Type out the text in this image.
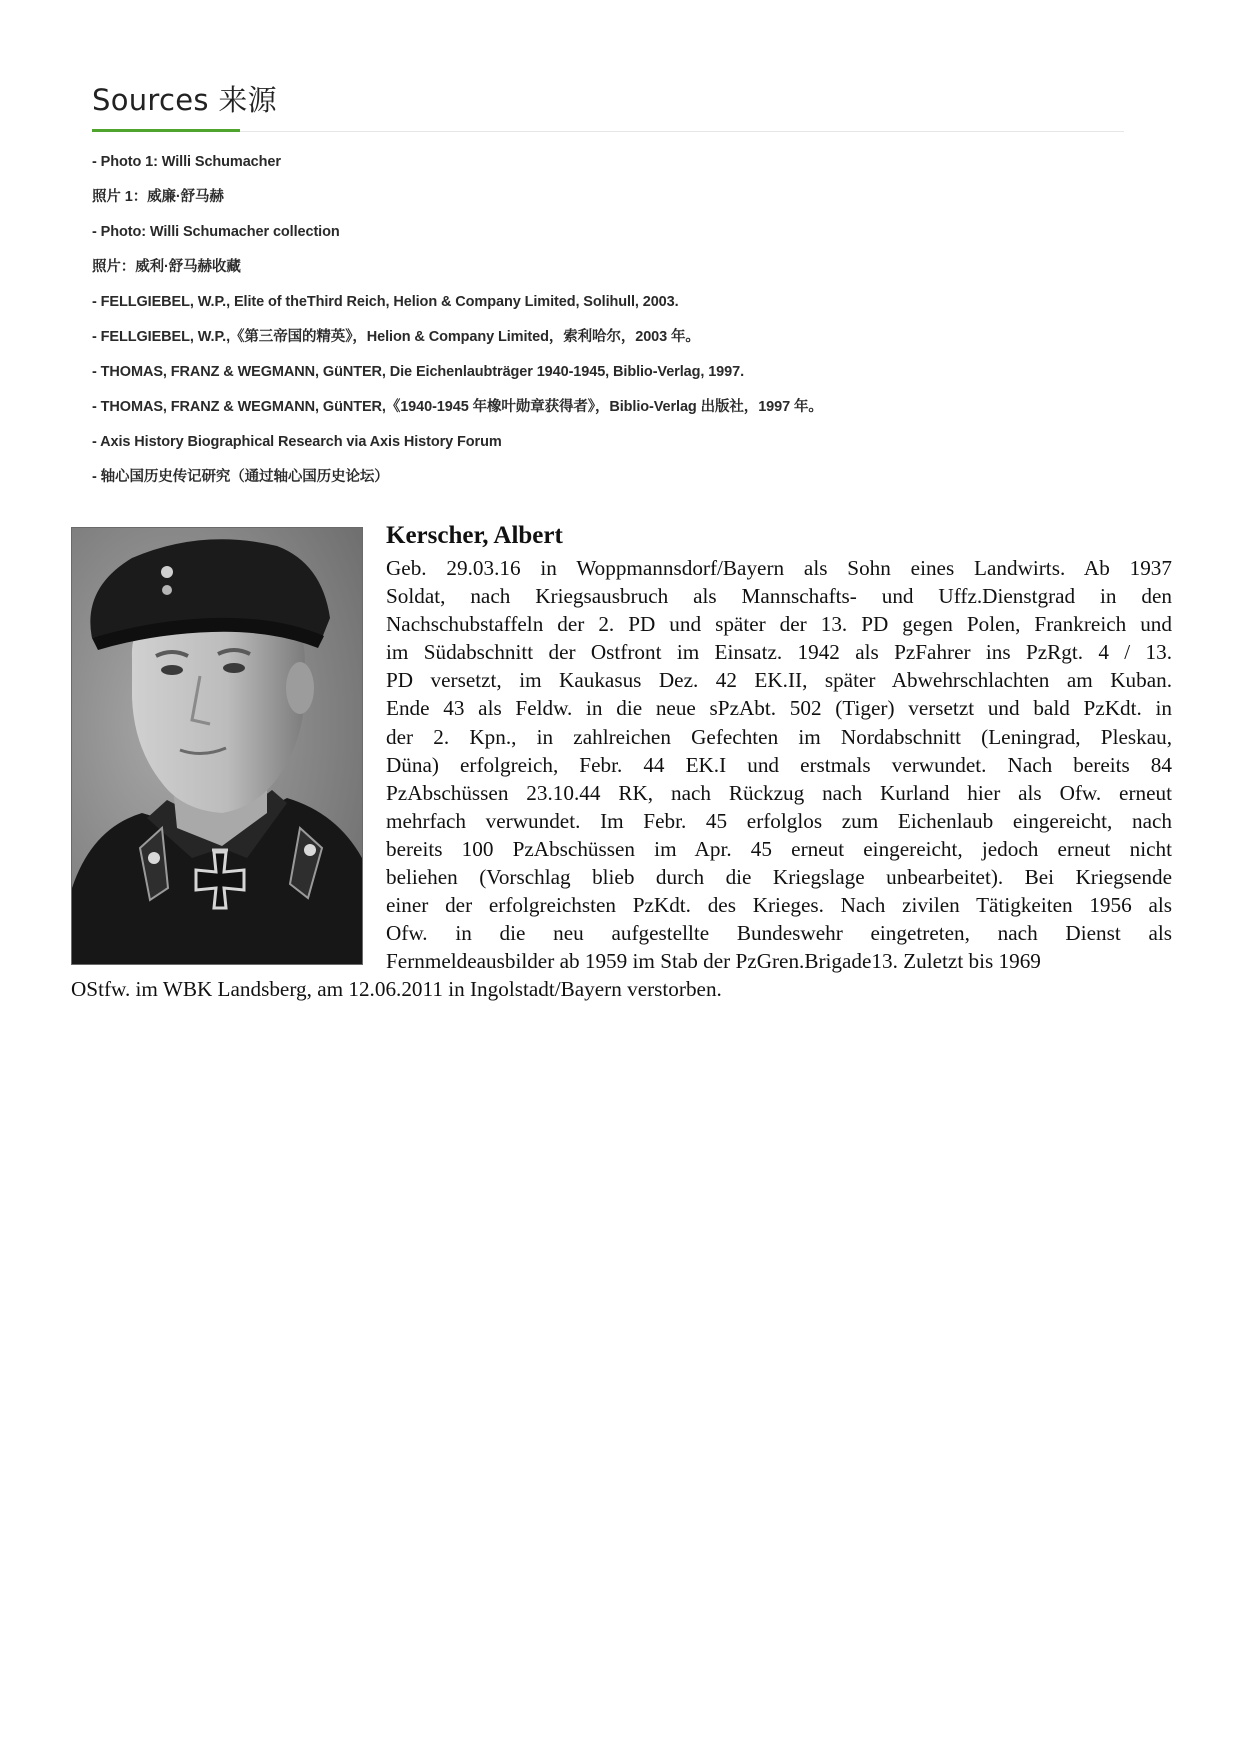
Sources 来源
- Photo 1: Willi Schumacher
照片 1：威廉·舒马赫
- Photo: Willi Schumacher collection
照片：威利·舒马赫收藏
- FELLGIEBEL, W.P., Elite of theThird Reich, Helion & Company Limited, Solihull, 2003.
- FELLGIEBEL, W.P.,《第三帝国的精英》，Helion & Company Limited，索利哈尔，2003 年。
- THOMAS, FRANZ & WEGMANN, GüNTER, Die Eichenlaubträger 1940-1945, Biblio-Verlag, 1997.
- THOMAS, FRANZ & WEGMANN, GüNTER,《1940-1945 年橡叶勋章获得者》，Biblio-Verlag 出版社，1997 年。
- Axis History Biographical Research via Axis History Forum
- 轴心国历史传记研究（通过轴心国历史论坛）
Kerscher, Albert
Geb. 29.03.16 in Woppmannsdorf/Bayern als Sohn eines Landwirts. Ab 1937
Soldat, nach Kriegsausbruch als Mannschafts- und Uffz.Dienstgrad in den
Nachschubstaffeln der 2. PD und später der 13. PD gegen Polen, Frankreich und
im Südabschnitt der Ostfront im Einsatz. 1942 als PzFahrer ins PzRgt. 4 / 13.
PD versetzt, im Kaukasus Dez. 42 EK.II, später Abwehrschlachten am Kuban.
Ende 43 als Feldw. in die neue sPzAbt. 502 (Tiger) versetzt und bald PzKdt. in
der 2. Kpn., in zahlreichen Gefechten im Nordabschnitt (Leningrad, Pleskau,
Düna) erfolgreich, Febr. 44 EK.I und erstmals verwundet. Nach bereits 84
PzAbschüssen 23.10.44 RK, nach Rückzug nach Kurland hier als Ofw. erneut
mehrfach verwundet. Im Febr. 45 erfolglos zum Eichenlaub eingereicht, nach
bereits 100 PzAbschüssen im Apr. 45 erneut eingereicht, jedoch erneut nicht
beliehen (Vorschlag blieb durch die Kriegslage unbearbeitet). Bei Kriegsende
einer der erfolgreichsten PzKdt. des Krieges. Nach zivilen Tätigkeiten 1956 als
Ofw. in die neu aufgestellte Bundeswehr eingetreten, nach Dienst als
Fernmeldeausbilder ab 1959 im Stab der PzGren.Brigade13. Zuletzt bis 1969
OStfw. im WBK Landsberg, am 12.06.2011 in Ingolstadt/Bayern verstorben.
